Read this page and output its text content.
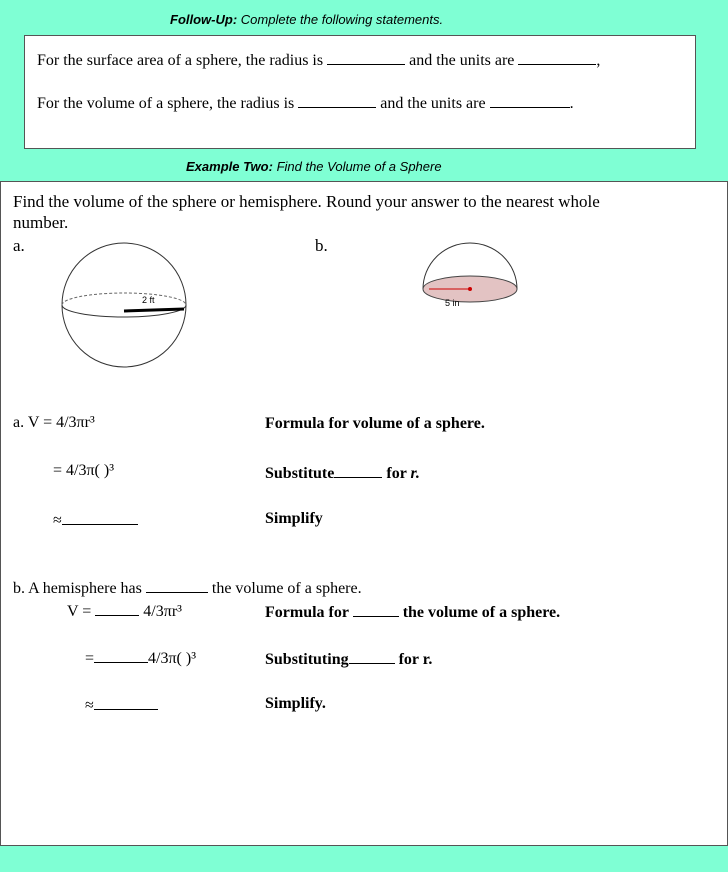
Follow-Up: Complete the following statements.
For the surface area of a sphere, the radius is	and the units are	,
For the volume of a sphere, the radius is	and the units are	.
Example Two: Find the Volume of a Sphere
Find the volume of the sphere or hemisphere. Round your answer to the nearest whole
number.
a.	b.
2 ft	5 in
a. V = 4/3πr³	Formula for volume of a sphere.
= 4/3π( )³	Substitute	for r.
≈	Simplify
b. A hemisphere has	the volume of a sphere.
V =	4/3πr³	Formula for	the volume of a sphere.
=	4/3π( )³	Substituting	for r.
≈	Simplify.
